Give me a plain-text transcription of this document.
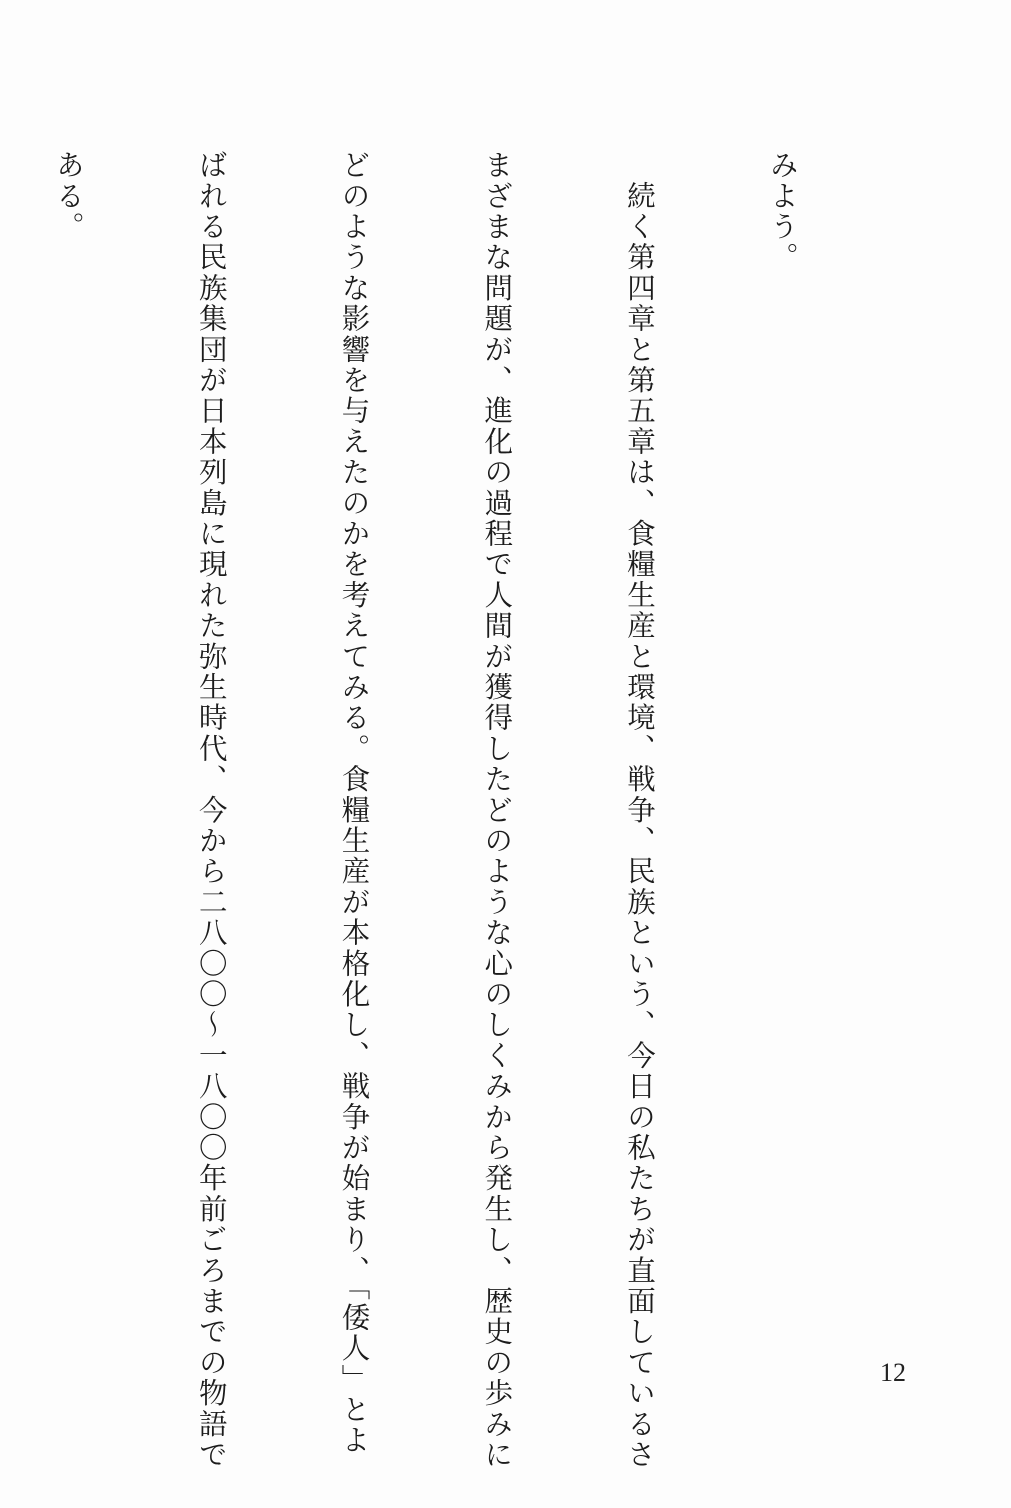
みよう。

　続く第四章と第五章は、食糧生産と環境、戦争、民族という、今日の私たちが直面しているさ

まざまな問題が、進化の過程で人間が獲得したどのような心のしくみから発生し、歴史の歩みに

どのような影響を与えたのかを考えてみる。食糧生産が本格化し、戦争が始まり、「倭人」とよ

ばれる民族集団が日本列島に現れた弥生時代、今から二八〇〇〜一八〇〇年前ごろまでの物語で

ある。

12
